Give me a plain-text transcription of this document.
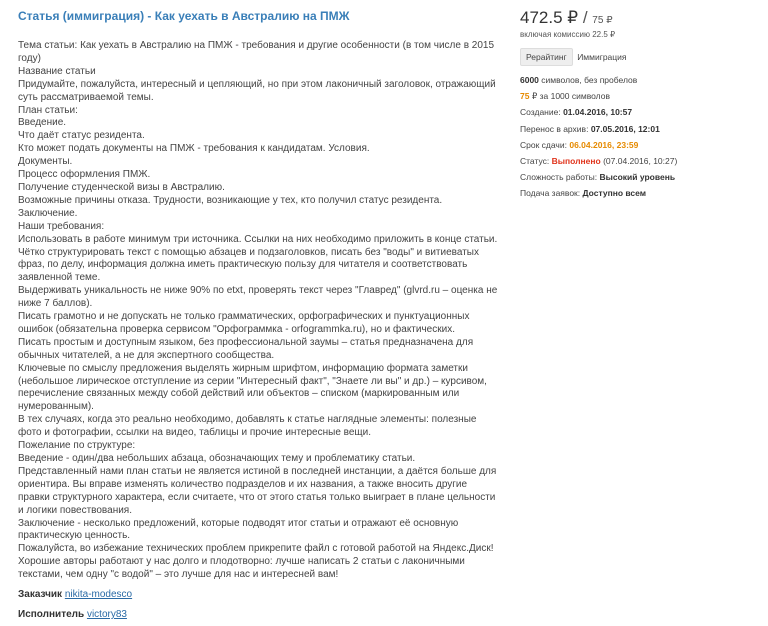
Статья (иммиграция) - Как уехать в Австралию на ПМЖ
Тема статьи: Как уехать в Австралию на ПМЖ - требования и другие особенности (в том числе в 2015 году)
Название статьи
Придумайте, пожалуйста, интересный и цепляющий, но при этом лаконичный заголовок, отражающий суть рассматриваемой темы.
План статьи:
Введение.
Что даёт статус резидента.
Кто может подать документы на ПМЖ - требования к кандидатам. Условия.
Документы.
Процесс оформления ПМЖ.
Получение студенческой визы в Австралию.
Возможные причины отказа. Трудности, возникающие у тех, кто получил статус резидента.
Заключение.
Наши требования:
Использовать в работе минимум три источника. Ссылки на них необходимо приложить в конце статьи.
Чётко структурировать текст с помощью абзацев и подзаголовков, писать без "воды" и витиеватых фраз, по делу, информация должна иметь практическую пользу для читателя и соответствовать заявленной теме.
Выдерживать уникальность не ниже 90% по etxt, проверять текст через "Главред" (glvrd.ru – оценка не ниже 7 баллов).
Писать грамотно и не допускать не только грамматических, орфографических и пунктуационных ошибок (обязательна проверка сервисом "Орфограммка - orfogrammka.ru), но и фактических.
Писать простым и доступным языком, без профессиональной заумы – статья предназначена для обычных читателей, а не для экспертного сообщества.
Ключевые по смыслу предложения выделять жирным шрифтом, информацию формата заметки (небольшое лирическое отступление из серии "Интересный факт", "Знаете ли вы" и др.) – курсивом, перечисление связанных между собой действий или объектов – списком (маркированным или нумерованным).
В тех случаях, когда это реально необходимо, добавлять к статье наглядные элементы: полезные фото и фотографии, ссылки на видео, таблицы и прочие интересные вещи.
Пожелание по структуре:
Введение - один/два небольших абзаца, обозначающих тему и проблематику статьи.
Представленный нами план статьи не является истиной в последней инстанции, а даётся больше для ориентира. Вы вправе изменять количество подразделов и их названия, а также вносить другие правки структурного характера, если считаете, что от этого статья только выиграет в плане цельности и логики повествования.
Заключение - несколько предложений, которые подводят итог статьи и отражают её основную практическую ценность.
Пожалуйста, во избежание технических проблем прикрепите файл с готовой работой на Яндекс.Диск!
Хорошие авторы работают у нас долго и плодотворно: лучше написать 2 статьи с лаконичными текстами, чем одну "с водой" – это лучше для нас и интересней вам!
Заказчик nikita-modesco
Исполнитель victory83
472.5 ₽ / 75 ₽
включая комиссию 22.5 ₽
Рерайтинг Иммиграция
6000 символов, без пробелов
75 ₽ за 1000 символов
Создание: 01.04.2016, 10:57
Перенос в архив: 07.05.2016, 12:01
Срок сдачи: 06.04.2016, 23:59
Статус: Выполнено (07.04.2016, 10:27)
Сложность работы: Высокий уровень
Подача заявок: Доступно всем
